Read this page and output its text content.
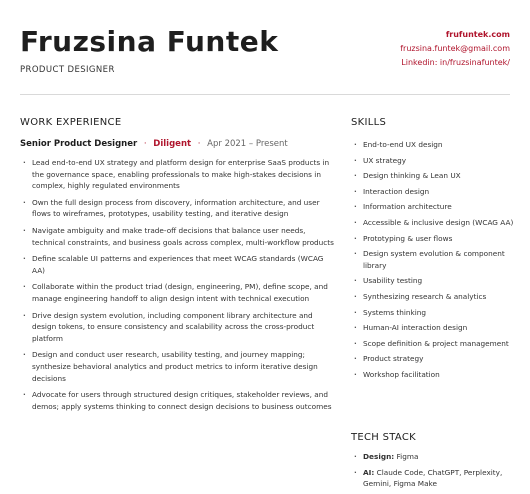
Fruzsina Funtek
PRODUCT DESIGNER
frufuntek.com
fruzsina.funtek@gmail.com
Linkedin: in/fruzsinafuntek/
WORK EXPERIENCE
Senior Product Designer · Diligent · Apr 2021 – Present
· Lead end-to-end UX strategy and platform design for enterprise SaaS products in the governance space, enabling professionals to make high-stakes decisions in complex, highly regulated environments
· Own the full design process from discovery, information architecture, and user flows to wireframes, prototypes, usability testing, and iterative design
· Navigate ambiguity and make trade-off decisions that balance user needs, technical constraints, and business goals across complex, multi-workflow products
· Define scalable UI patterns and experiences that meet WCAG standards (WCAG AA)
· Collaborate within the product triad (design, engineering, PM), define scope, and manage engineering handoff to align design intent with technical execution
· Drive design system evolution, including component library architecture and design tokens, to ensure consistency and scalability across the cross-product platform
· Design and conduct user research, usability testing, and journey mapping; synthesize behavioral analytics and product metrics to inform iterative design decisions
· Advocate for users through structured design critiques, stakeholder reviews, and demos; apply systems thinking to connect design decisions to business outcomes
SKILLS
· End-to-end UX design
· UX strategy
· Design thinking & Lean UX
· Interaction design
· Information architecture
· Accessible & inclusive design (WCAG AA)
· Prototyping & user flows
· Design system evolution & component library
· Usability testing
· Synthesizing research & analytics
· Systems thinking
· Human-AI interaction design
· Scope definition & project management
· Product strategy
· Workshop facilitation
TECH STACK
· Design: Figma
· AI: Claude Code, ChatGPT, Perplexity, Gemini, Figma Make
